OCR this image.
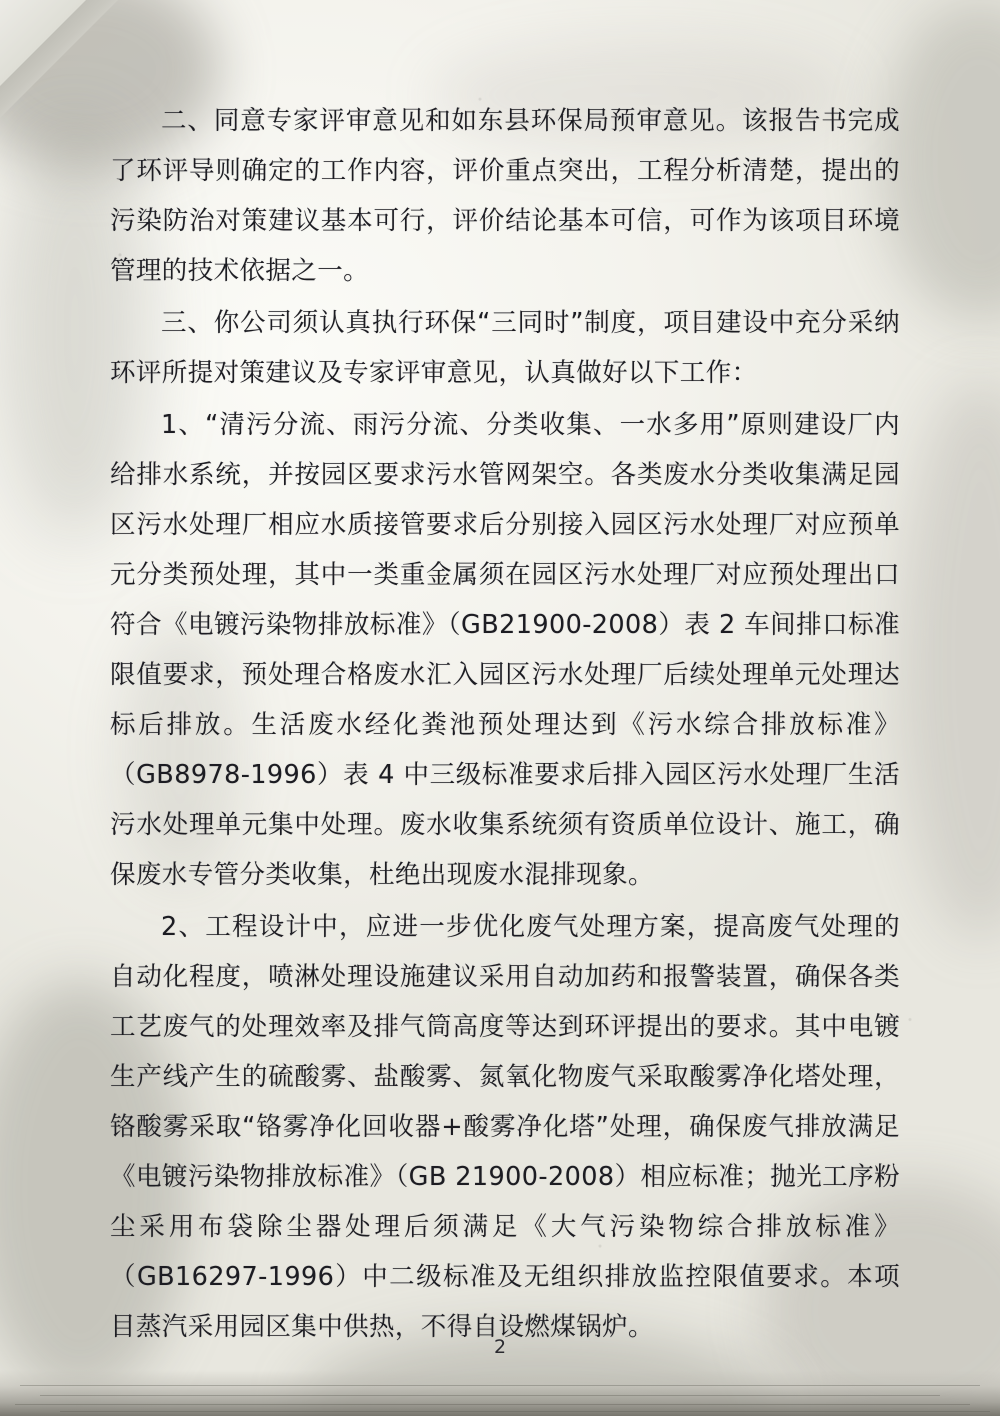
二、同意专家评审意见和如东县环保局预审意见。该报告书完成了环评导则确定的工作内容，评价重点突出，工程分析清楚，提出的污染防治对策建议基本可行，评价结论基本可信，可作为该项目环境管理的技术依据之一。

三、你公司须认真执行环保“三同时”制度，项目建设中充分采纳环评所提对策建议及专家评审意见，认真做好以下工作：

1、“清污分流、雨污分流、分类收集、一水多用”原则建设厂内给排水系统，并按园区要求污水管网架空。各类废水分类收集满足园区污水处理厂相应水质接管要求后分别接入园区污水处理厂对应预单元分类预处理，其中一类重金属须在园区污水处理厂对应预处理出口符合《电镀污染物排放标准》（GB21900-2008）表 2 车间排口标准限值要求，预处理合格废水汇入园区污水处理厂后续处理单元处理达标后排放。生活废水经化粪池预处理达到《污水综合排放标准》（GB8978-1996）表 4 中三级标准要求后排入园区污水处理厂生活污水处理单元集中处理。废水收集系统须有资质单位设计、施工，确保废水专管分类收集，杜绝出现废水混排现象。

2、工程设计中，应进一步优化废气处理方案，提高废气处理的自动化程度，喷淋处理设施建议采用自动加药和报警装置，确保各类工艺废气的处理效率及排气筒高度等达到环评提出的要求。其中电镀生产线产生的硫酸雾、盐酸雾、氮氧化物废气采取酸雾净化塔处理，铬酸雾采取“铬雾净化回收器+酸雾净化塔”处理，确保废气排放满足《电镀污染物排放标准》（GB 21900-2008）相应标准；抛光工序粉尘采用布袋除尘器处理后须满足《大气污染物综合排放标准》（GB16297-1996）中二级标准及无组织排放监控限值要求。本项目蒸汽采用园区集中供热，不得自设燃煤锅炉。

2
